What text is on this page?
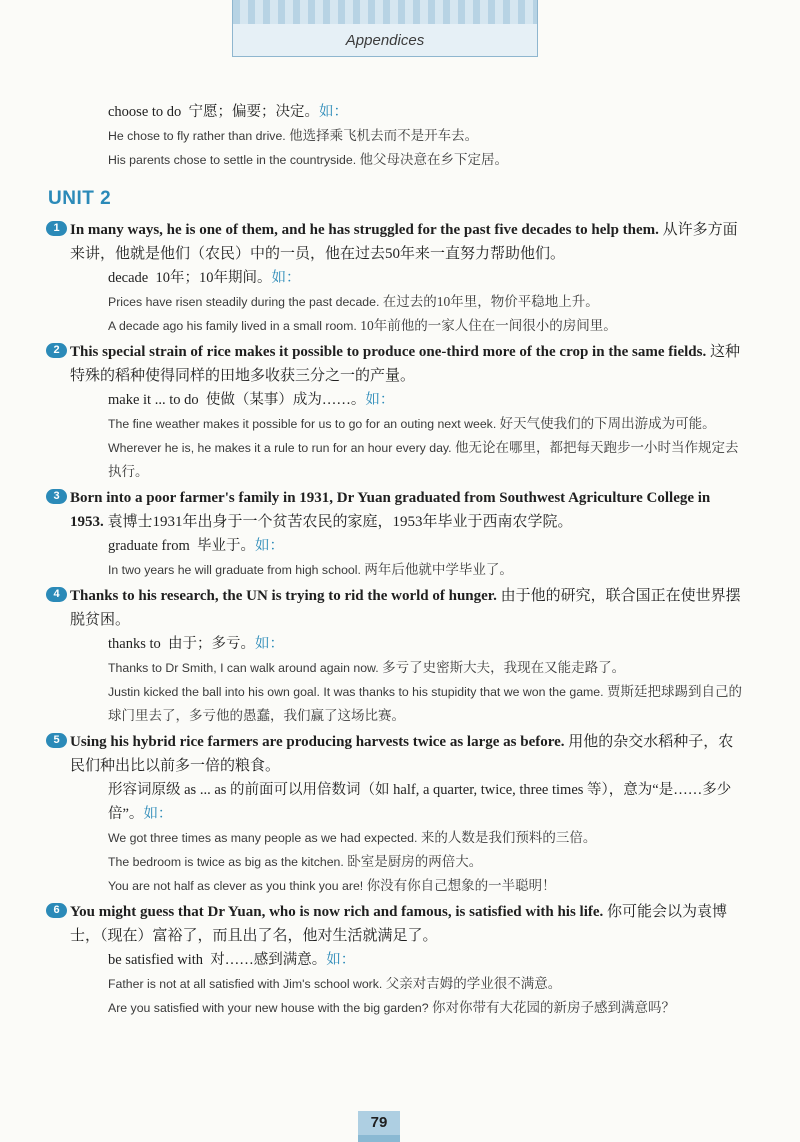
Appendices
choose to do 宁愿；偏要；决定。如：
He chose to fly rather than drive. 他选择乘飞机去而不是开车去。
His parents chose to settle in the countryside. 他父母决意在乡下定居。
UNIT 2
1 In many ways, he is one of them, and he has struggled for the past five decades to help them. 从许多方面来讲，他就是他们（农民）中的一员，他在过去50年来一直努力帮助他们。
decade 10年；10年期间。如：
Prices have risen steadily during the past decade. 在过去的10年里，物价平稳地上升。
A decade ago his family lived in a small room. 10年前他的一家人住在一间很小的房间里。
2 This special strain of rice makes it possible to produce one-third more of the crop in the same fields. 这种特殊的稻种使得同样的田地多收获三分之一的产量。
make it ... to do 使做（某事）成为……。如：
The fine weather makes it possible for us to go for an outing next week. 好天气使我们的下周出游成为可能。
Wherever he is, he makes it a rule to run for an hour every day. 他无论在哪里，都把每天跑步一小时当作规定去执行。
3 Born into a poor farmer's family in 1931, Dr Yuan graduated from Southwest Agriculture College in 1953. 袁博士1931年出身于一个贫苦农民的家庭，1953年毕业于西南农学院。
graduate from 毕业于。如：
In two years he will graduate from high school. 两年后他就中学毕业了。
4 Thanks to his research, the UN is trying to rid the world of hunger. 由于他的研究，联合国正在使世界摆脱贫困。
thanks to 由于；多亏。如：
Thanks to Dr Smith, I can walk around again now. 多亏了史密斯大夫，我现在又能走路了。
Justin kicked the ball into his own goal. It was thanks to his stupidity that we won the game. 贾斯廷把球踢到自己的球门里去了，多亏他的愚蠢，我们赢了这场比赛。
5 Using his hybrid rice farmers are producing harvests twice as large as before. 用他的杂交水稻种子，农民们种出比以前多一倍的粮食。
形容词原级 as ... as 的前面可以用倍数词（如 half, a quarter, twice, three times 等），意为“是……多少倍”。如：
We got three times as many people as we had expected. 来的人数是我们预料的三倍。
The bedroom is twice as big as the kitchen. 卧室是厨房的两倍大。
You are not half as clever as you think you are! 你没有你自己想象的一半聪明！
6 You might guess that Dr Yuan, who is now rich and famous, is satisfied with his life. 你可能会以为袁博士，（现在）富裕了，而且出了名，他对生活就满足了。
be satisfied with 对……感到满意。如：
Father is not at all satisfied with Jim's school work. 父亲对吉姆的学业很不满意。
Are you satisfied with your new house with the big garden? 你对你带有大花园的新房子感到满意吗？
79
